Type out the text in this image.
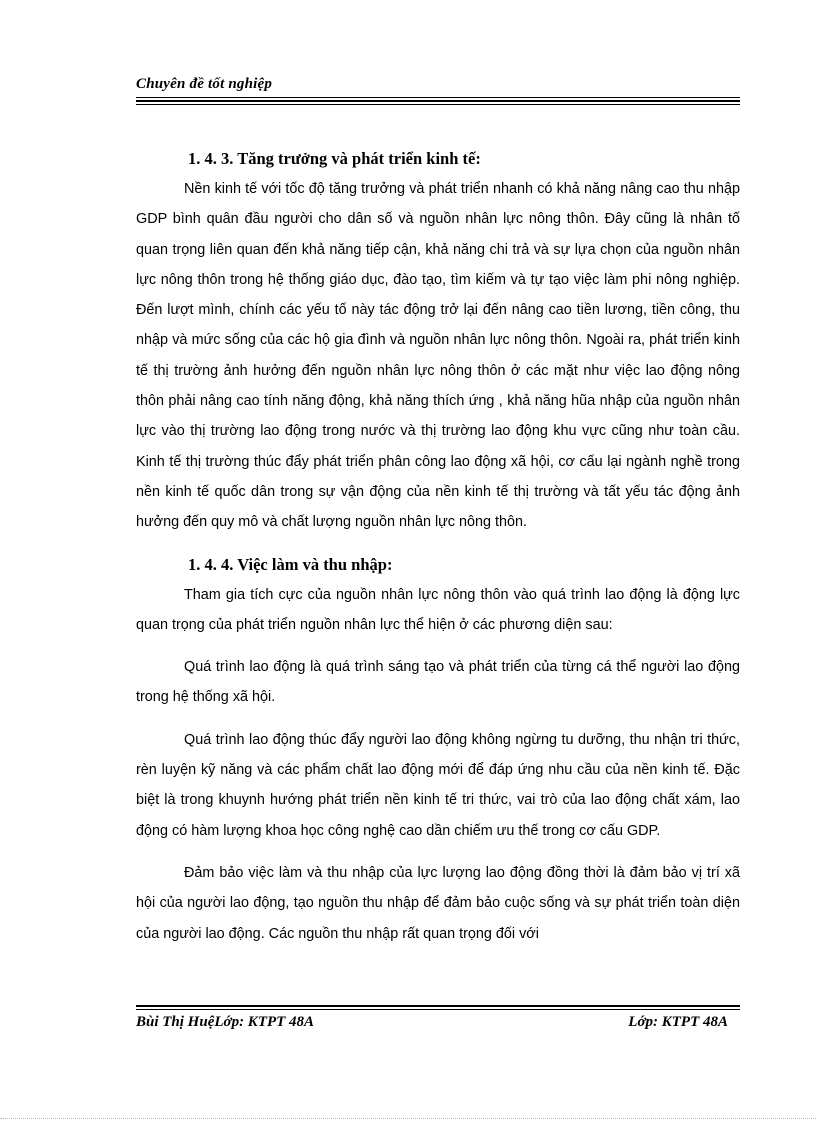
Chuyên đề tốt nghiệp
1. 4. 3. Tăng trưởng và phát triển kinh tế:

Nền kinh tế với tốc độ tăng trưởng và phát triển nhanh có khả năng nâng cao thu nhập GDP bình quân đầu người cho dân số và nguồn nhân lực nông thôn. Đây cũng là nhân tố quan trọng liên quan đến khả năng tiếp cận, khả năng chi trả và sự lựa chọn của nguồn nhân lực nông thôn trong hệ thống giáo dục, đào tạo, tìm kiếm và tự tạo việc làm phi nông nghiệp. Đến lượt mình, chính các yếu tố này tác động trở lại đến nâng cao tiền lương, tiền công, thu nhập và mức sống của các hộ gia đình và nguồn nhân lực nông thôn. Ngoài ra, phát triển kinh tế thị trường ảnh hưởng đến nguồn nhân lực nông thôn ở các mặt như việc lao động nông thôn phải nâng cao tính năng động, khả năng thích ứng , khả năng hũa nhập của nguồn nhân lực vào thị trường lao động trong nước và thị trường lao động khu vực cũng như toàn cầu. Kinh tế thị trường thúc đẩy phát triển phân công lao động xã hội, cơ cấu lại ngành nghề trong nền kinh tế quốc dân trong sự vận động của nền kinh tế thị trường và tất yếu tác động ảnh hưởng đến quy mô và chất lượng nguồn nhân lực nông thôn.

1. 4. 4. Việc làm và thu nhập:

Tham gia tích cực của nguồn nhân lực nông thôn vào quá trình lao động là động lực quan trọng của phát triển nguồn nhân lực thể hiện ở các phương diện sau:

Quá trình lao động là quá trình sáng tạo và phát triển của từng cá thể người lao động trong hệ thống xã hội.

Quá trình lao động thúc đẩy người lao động không ngừng tu dưỡng, thu nhận tri thức, rèn luyện kỹ năng và các phẩm chất lao động mới để đáp ứng nhu cầu của nền kinh tế. Đặc biệt là trong khuynh hướng phát triển nền kinh tế tri thức, vai trò của lao động chất xám, lao động có hàm lượng khoa học công nghệ cao dần chiếm ưu thế trong cơ cấu GDP.

Đảm bảo việc làm và thu nhập của lực lượng lao động đồng thời là đảm bảo vị trí xã hội của người lao động, tạo nguồn thu nhập để đảm bảo cuộc sống và sự phát triển toàn diện của người lao động. Các nguồn thu nhập rất quan trọng đối với

Bùi Thị HuệLớp: KTPT 48A	Lớp: KTPT 48A
